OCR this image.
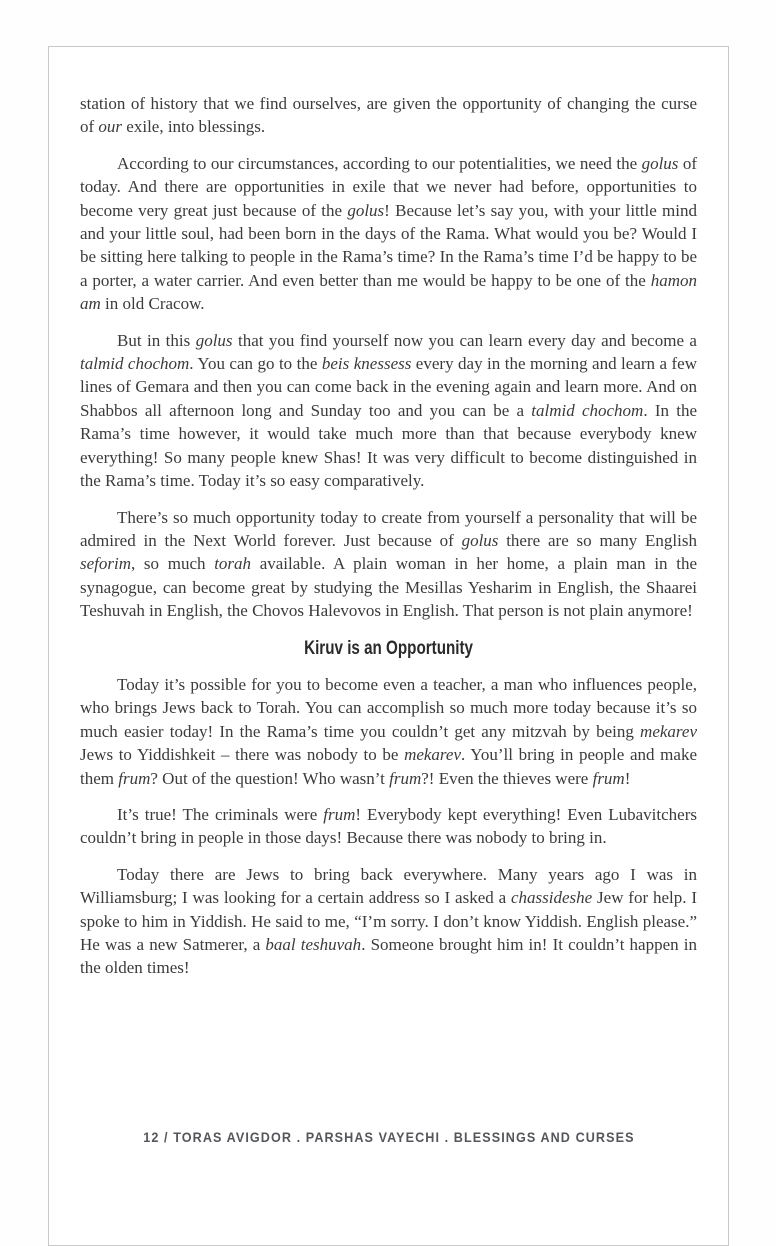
station of history that we find ourselves, are given the opportunity of changing the curse of our exile, into blessings.

According to our circumstances, according to our potentialities, we need the golus of today. And there are opportunities in exile that we never had before, opportunities to become very great just because of the golus! Because let’s say you, with your little mind and your little soul, had been born in the days of the Rama. What would you be? Would I be sitting here talking to people in the Rama’s time? In the Rama’s time I’d be happy to be a porter, a water carrier. And even better than me would be happy to be one of the hamon am in old Cracow.

But in this golus that you find yourself now you can learn every day and become a talmid chochom. You can go to the beis knessess every day in the morning and learn a few lines of Gemara and then you can come back in the evening again and learn more. And on Shabbos all afternoon long and Sunday too and you can be a talmid chochom. In the Rama’s time however, it would take much more than that because everybody knew everything! So many people knew Shas! It was very difficult to become distinguished in the Rama’s time. Today it’s so easy comparatively.

There’s so much opportunity today to create from yourself a personality that will be admired in the Next World forever. Just because of golus there are so many English seforim, so much torah available. A plain woman in her home, a plain man in the synagogue, can become great by studying the Mesillas Yesharim in English, the Shaarei Teshuvah in English, the Chovos Halevovos in English. That person is not plain anymore!

Kiruv is an Opportunity

Today it’s possible for you to become even a teacher, a man who influences people, who brings Jews back to Torah. You can accomplish so much more today because it’s so much easier today! In the Rama’s time you couldn’t get any mitzvah by being mekarev Jews to Yiddishkeit – there was nobody to be mekarev. You’ll bring in people and make them frum? Out of the question! Who wasn’t frum?! Even the thieves were frum!

It’s true! The criminals were frum! Everybody kept everything! Even Lubavitchers couldn’t bring in people in those days! Because there was nobody to bring in.

Today there are Jews to bring back everywhere. Many years ago I was in Williamsburg; I was looking for a certain address so I asked a chassideshe Jew for help. I spoke to him in Yiddish. He said to me, “I’m sorry. I don’t know Yiddish. English please.” He was a new Satmerer, a baal teshuvah. Someone brought him in! It couldn’t happen in the olden times!

12 / TORAS AVIGDOR . PARSHAS VAYECHI . BLESSINGS AND CURSES
